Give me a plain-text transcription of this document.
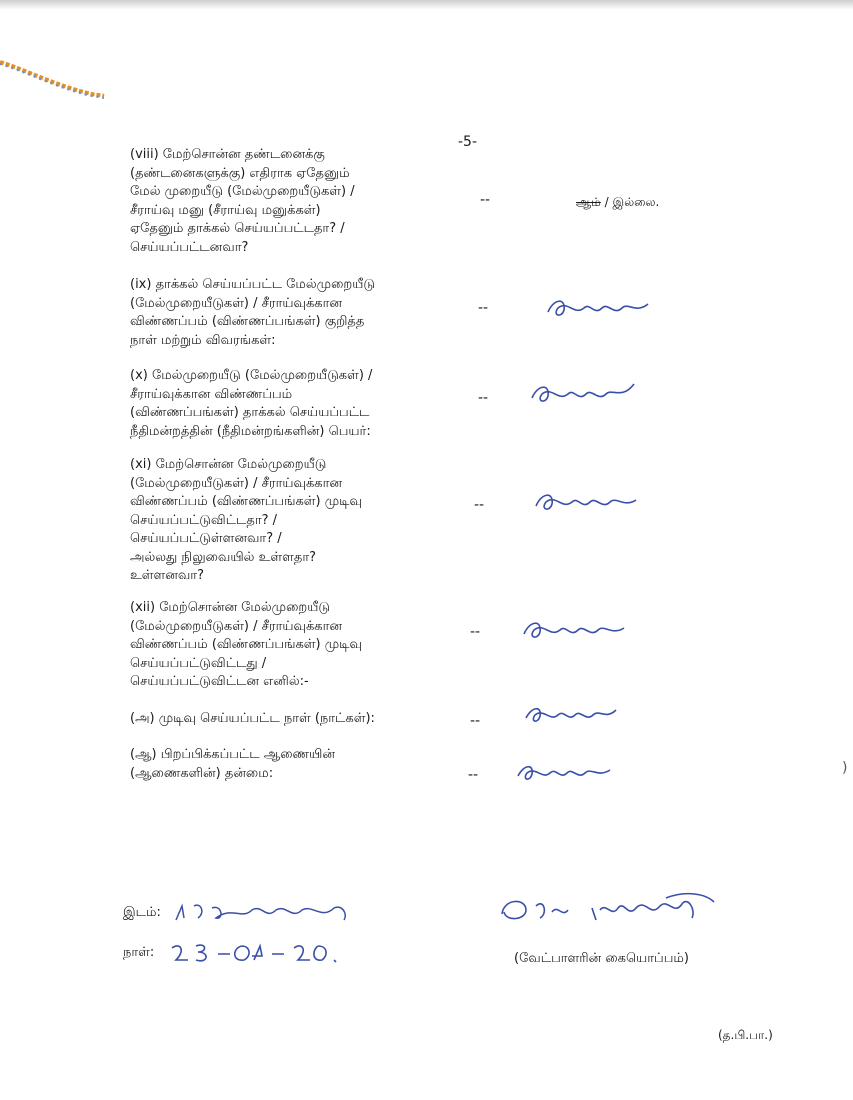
-5-
(viii) மேற்சொன்ன தண்டனைக்கு
(தண்டனைகளுக்கு) எதிராக ஏதேனும்
மேல் முறையீடு (மேல்முறையீடுகள்) /
சீராய்வு மனு (சீராய்வு மனுக்கள்)
ஏதேனும் தாக்கல் செய்யப்பட்டதா? /
செய்யப்பட்டனவா?
--	ஆம் / இல்லை.
(ix) தாக்கல் செய்யப்பட்ட மேல்முறையீடு
(மேல்முறையீடுகள்) / சீராய்வுக்கான
விண்ணப்பம் (விண்ணப்பங்கள்) குறித்த
நாள் மற்றும் விவரங்கள்:
--
(x) மேல்முறையீடு (மேல்முறையீடுகள்) /
சீராய்வுக்கான விண்ணப்பம்
(விண்ணப்பங்கள்) தாக்கல் செய்யப்பட்ட
நீதிமன்றத்தின் (நீதிமன்றங்களின்) பெயர்:
--
(xi) மேற்சொன்ன மேல்முறையீடு
(மேல்முறையீடுகள்) / சீராய்வுக்கான
விண்ணப்பம் (விண்ணப்பங்கள்) முடிவு
செய்யப்பட்டுவிட்டதா? /
செய்யப்பட்டுள்ளனவா? /
அல்லது நிலுவையில் உள்ளதா?
உள்ளனவா?
--
(xii) மேற்சொன்ன மேல்முறையீடு
(மேல்முறையீடுகள்) / சீராய்வுக்கான
விண்ணப்பம் (விண்ணப்பங்கள்) முடிவு
செய்யப்பட்டுவிட்டது /
செய்யப்பட்டுவிட்டன எனில்:-
--
(அ) முடிவு செய்யப்பட்ட நாள் (நாட்கள்):	--
(ஆ) பிறப்பிக்கப்பட்ட ஆணையின்
(ஆணைகளின்) தன்மை:	--
இடம்:
நாள்:	(வேட்பாளரின் கையொப்பம்)
(த.பி.பா.)
)
